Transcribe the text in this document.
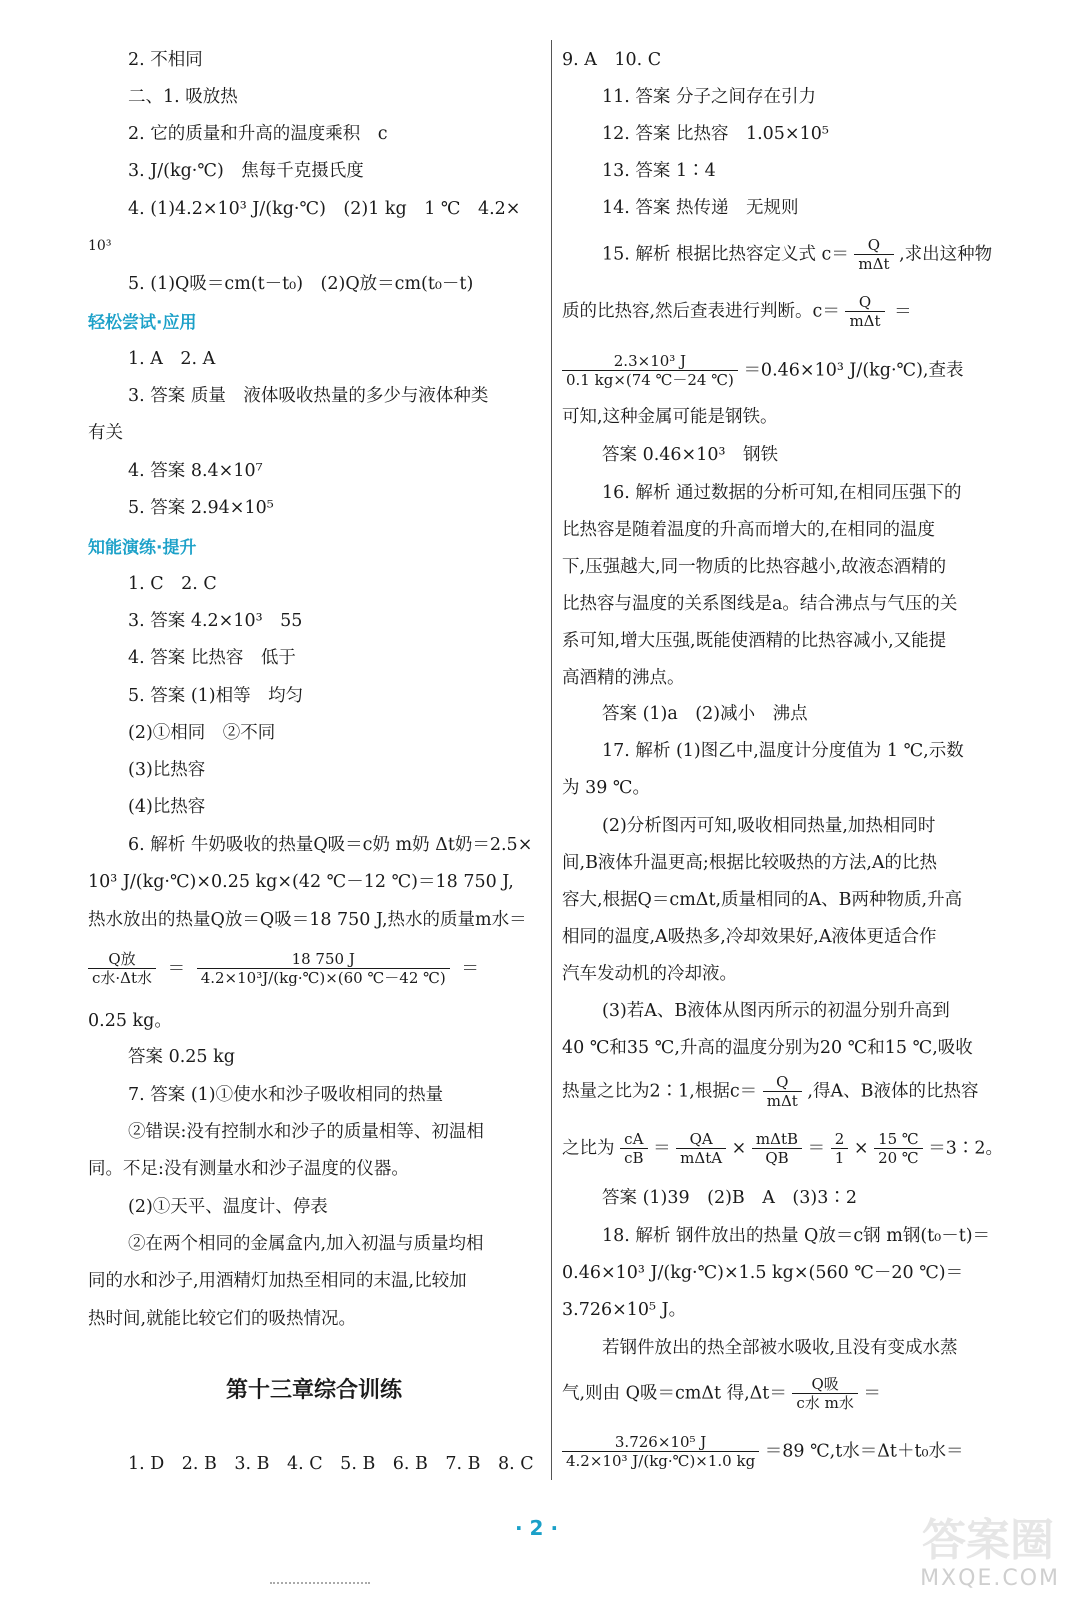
2. 不相同
二、1. 吸放热
2. 它的质量和升高的温度乘积　c
3. J/(kg·℃)　焦每千克摄氏度
4. (1)4.2×10³ J/(kg·℃)　(2)1 kg　1 ℃　4.2×
10³
5. (1)Q吸＝cm(t－t₀)　(2)Q放＝cm(t₀－t)
轻松尝试·应用
1. A　2. A
3. 答案 质量　液体吸收热量的多少与液体种类
有关
4. 答案 8.4×10⁷
5. 答案 2.94×10⁵
知能演练·提升
1. C　2. C
3. 答案 4.2×10³　55
4. 答案 比热容　低于
5. 答案 (1)相等　均匀
(2)①相同　②不同
(3)比热容
(4)比热容
6. 解析 牛奶吸收的热量Q吸＝c奶 m奶 Δt奶＝2.5×
10³ J/(kg·℃)×0.25 kg×(42 ℃－12 ℃)＝18 750 J,
热水放出的热量Q放＝Q吸＝18 750 J,热水的质量m水＝
$\frac{\text{Q放}}{\text{c水·Δt水}} = \frac{18 750 J}{\text{4.2×10³J/(kg·℃)×(60 ℃－42 ℃)}}$ ＝
0.25 kg。
答案 0.25 kg
7. 答案 (1)①使水和沙子吸收相同的热量
②错误:没有控制水和沙子的质量相等、初温相
同。不足:没有测量水和沙子温度的仪器。
(2)①天平、温度计、停表
②在两个相同的金属盒内,加入初温与质量均相
同的水和沙子,用酒精灯加热至相同的末温,比较加
热时间,就能比较它们的吸热情况。
第十三章综合训练
1. D　2. B　3. B　4. C　5. B　6. B　7. B　8. C
9. A　10. C
11. 答案 分子之间存在引力
12. 答案 比热容　1.05×10⁵
13. 答案 1∶4
14. 答案 热传递　无规则
15. 解析 根据比热容定义式 $c= \frac{Q}{\text{mΔt}}$ ,求出这种物
质的比热容,然后查表进行判断。$c= \frac{Q}{\text{mΔt}}$ ＝
$\frac{\text{2.3×10³ J}}{0.1 kg\times(74 ℃-24 ℃)} =0.46\times 10^3$ J/(kg·℃),查表
可知,这种金属可能是钢铁。
答案 0.46×10³　钢铁
16. 解析 通过数据的分析可知,在相同压强下的
比热容是随着温度的升高而增大的,在相同的温度
下,压强越大,同一物质的比热容越小,故液态酒精的
比热容与温度的关系图线是a。结合沸点与气压的关
系可知,增大压强,既能使酒精的比热容减小,又能提
高酒精的沸点。
答案 (1)a　(2)减小　沸点
17. 解析 (1)图乙中,温度计分度值为 1 ℃,示数
为 39 ℃。
(2)分析图丙可知,吸收相同热量,加热相同时
间,B液体升温更高;根据比较吸热的方法,A的比热
容大,根据Q＝cmΔt,质量相同的A、B两种物质,升高
相同的温度,A吸热多,冷却效果好,A液体更适合作
汽车发动机的冷却液。
(3)若A、B液体从图丙所示的初温分别升高到
40 ℃和35 ℃,升高的温度分别为20 ℃和15 ℃,吸收
热量之比为2∶1,根据$c= \frac{Q}{\text{mΔt}}$ ,得A、B液体的比热容
之比为 $\frac{cA}{cB} = \frac{QA}{\text{mΔtA}} \times \frac{\text{mΔtB}}{QB} = \frac{2}{1} \times \frac{15 ℃}{20 ℃}$ ＝3∶2。
答案 (1)39　(2)B　A　(3)3∶2
18. 解析 钢件放出的热量 Q放＝c钢 m钢(t₀－t)＝
0.46×10³ J/(kg·℃)×1.5 kg×(560 ℃－20 ℃)＝
3.726×10⁵ J。
若钢件放出的热全部被水吸收,且没有变成水蒸
气,则由 Q吸＝cmΔt 得$,\Delta t= \frac{\text{Q吸}}{\text{c水 m水}}$ ＝
$\frac{\text{3.726×10⁵ J}}{\text{4.2×10³ J/(kg·℃)×1.0 kg}} =89$ ℃,t水＝Δt＋t₀水＝
· 2 ·	答案圈
MXQE.COM
